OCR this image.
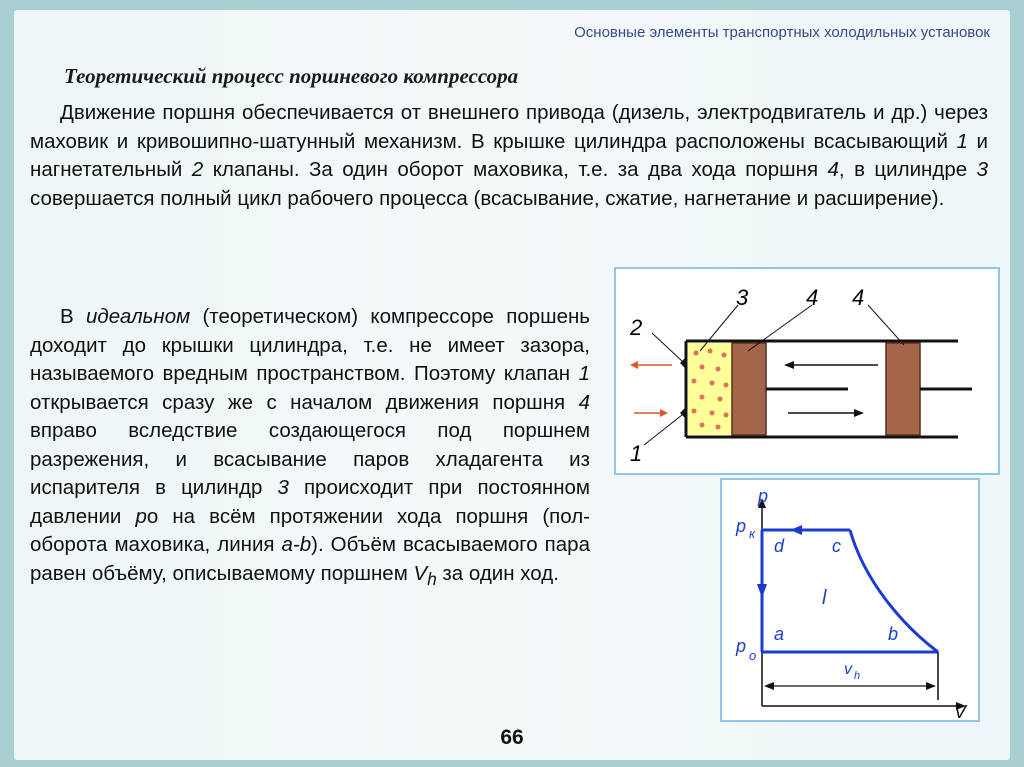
Основные элементы транспортных холодильных установок
Теоретический процесс поршневого компрессора
Движение поршня обеспечивается от внешнего привода (дизель, электродвигатель и др.) через маховик и кривошипно-шатунный механизм. В крышке цилиндра расположены всасывающий 1 и нагнетательный 2 клапаны. За один оборот маховика, т.е. за два хода поршня 4, в цилиндре 3 совершается полный цикл рабочего процесса (всасывание, сжатие, нагнетание и расширение).
В идеальном (теоретическом) компрессоре поршень доходит до крышки цилиндра, т.е. не имеет зазора, называемого вредным пространством. Поэтому клапан 1 открывается сразу же с началом движения поршня 4 вправо вследствие создающегося под поршнем разрежения, и всасывание паров хладагента из испарителя в цилиндр 3 происходит при постоянном давлении pо на всём протяжении хода поршня (пол-оборота маховика, линия a-b). Объём всасываемого пара равен объёму, описываемому поршнем $V_h$ за один ход.
3	4 4
2
1
p
p к
p о
d	c
l
a	b
v h
V
66
